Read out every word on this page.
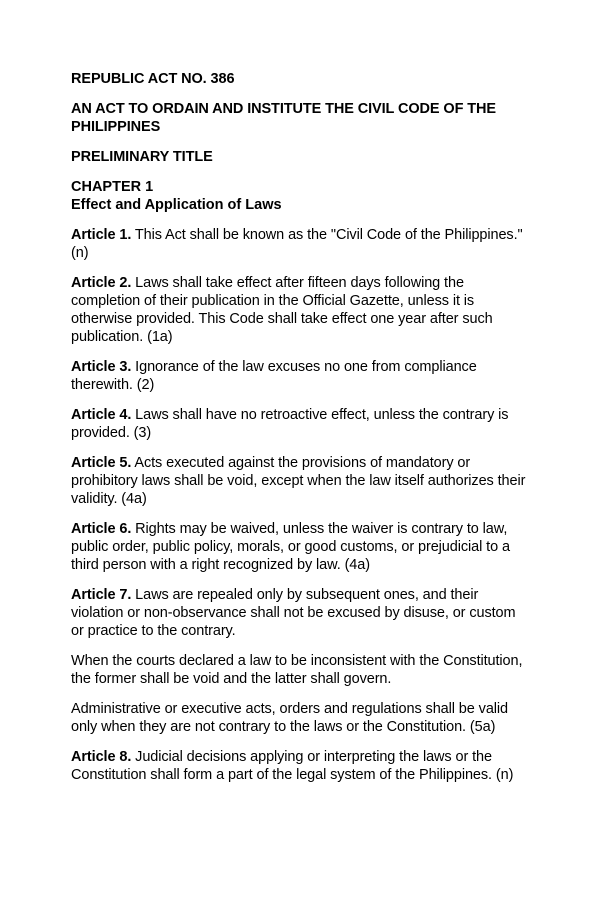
REPUBLIC ACT NO. 386

AN ACT TO ORDAIN AND INSTITUTE THE CIVIL CODE OF THE PHILIPPINES

PRELIMINARY TITLE

CHAPTER 1
Effect and Application of Laws

Article 1. This Act shall be known as the "Civil Code of the Philippines." (n)

Article 2. Laws shall take effect after fifteen days following the completion of their publication in the Official Gazette, unless it is otherwise provided. This Code shall take effect one year after such publication. (1a)

Article 3. Ignorance of the law excuses no one from compliance therewith. (2)

Article 4. Laws shall have no retroactive effect, unless the contrary is provided. (3)

Article 5. Acts executed against the provisions of mandatory or prohibitory laws shall be void, except when the law itself authorizes their validity. (4a)

Article 6. Rights may be waived, unless the waiver is contrary to law, public order, public policy, morals, or good customs, or prejudicial to a third person with a right recognized by law. (4a)

Article 7. Laws are repealed only by subsequent ones, and their violation or non-observance shall not be excused by disuse, or custom or practice to the contrary.

When the courts declared a law to be inconsistent with the Constitution, the former shall be void and the latter shall govern.

Administrative or executive acts, orders and regulations shall be valid only when they are not contrary to the laws or the Constitution. (5a)

Article 8. Judicial decisions applying or interpreting the laws or the Constitution shall form a part of the legal system of the Philippines. (n)
